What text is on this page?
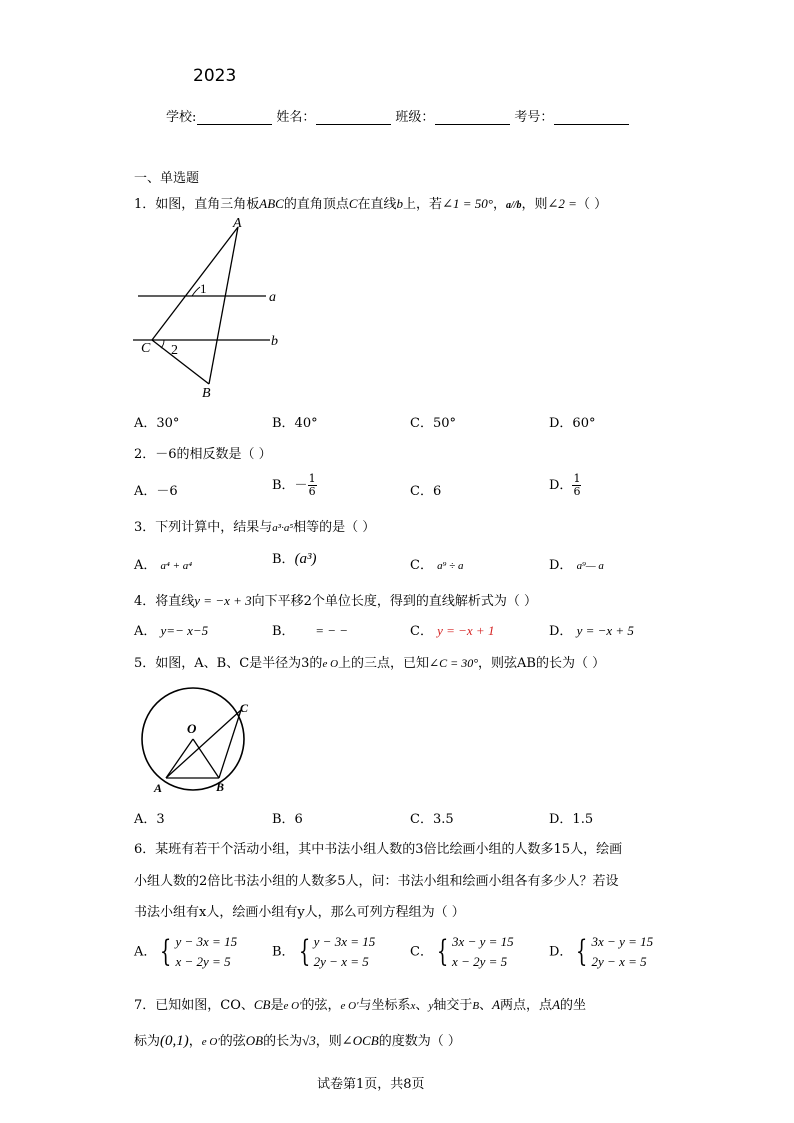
2023
学校:	姓名：	班级：	考号：
一、单选题
1．如图，直角三角板ABC的直角顶点C在直线b上，若∠1 = 50°，a//b，则∠2 =（ ）
A
B
C
1
2
a
b
A．30°	B．40°	C．50°	D．60°
2．－6的相反数是（ ）
A．－6	B．－ $\frac{1}{6}$	C．6	D． $\frac{1}{6}$
3．下列计算中，结果与a³·a⁵相等的是（ ）
A． a⁴ + a⁴	B．(a³)	C． a⁹ ÷ a	D． a⁹— a
4．将直线y = −x + 3向下平移2个单位长度，得到的直线解析式为（ ）
A． y=− x−5	B． = − −	C． y = −x + 1	D． y = −x + 5
5．如图，A、B、C是半径为3的e O上的三点，已知∠C = 30°，则弦AB的长为（ ）
O
A	B
C
A．3	B．6	C．3.5	D．1.5
6．某班有若干个活动小组，其中书法小组人数的3倍比绘画小组的人数多15人，绘画
小组人数的2倍比书法小组的人数多5人，问：书法小组和绘画小组各有多少人？若设
书法小组有x人，绘画小组有y人，那么可列方程组为（ ）
A． { y − 3x = 15
x − 2y = 5
B． { y − 3x = 15
2y − x = 5
C． { 3x − y = 15
x − 2y = 5
D． { 3x − y = 15
2y − x = 5
7．已知如图，CO、CB是e O′的弦，e O′与坐标系x、y轴交于B、A两点，点A的坐
标为(0,1)，e O′的弦OB的长为√3，则∠OCB的度数为（ ）
试卷第1页，共8页
